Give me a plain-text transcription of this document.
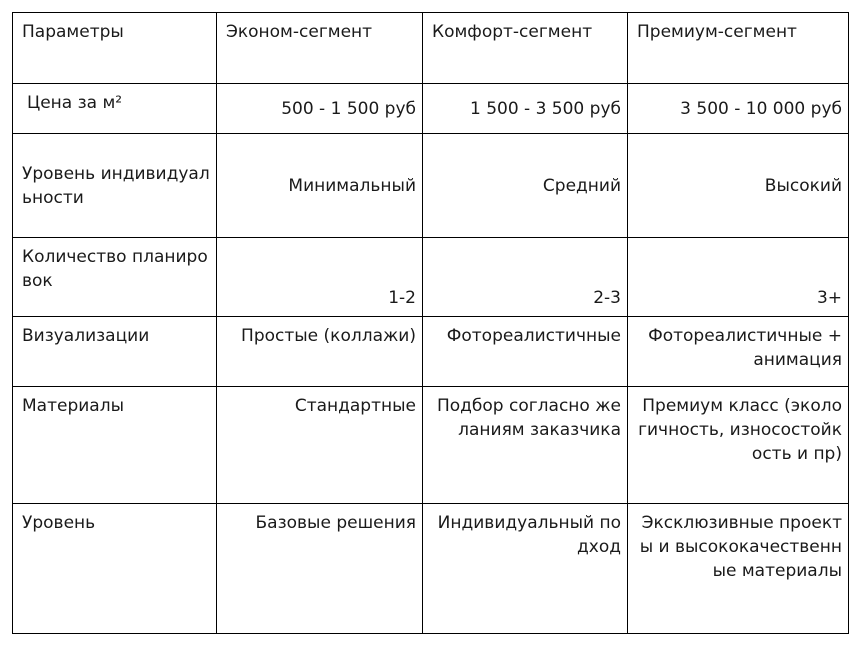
Параметры	Эконом-сегмент	Комфорт-сегмент	Премиум-сегмент
Цена за м²	500 - 1 500 руб	1 500 - 3 500 руб	3 500 - 10 000 руб
Уровень индивидуальности	Минимальный	Средний	Высокий
Количество планировок	1-2	2-3	3+
Визуализации	Простые (коллажи)	Фотореалистичные	Фотореалистичные + анимация
Материалы	Стандартные	Подбор согласно желаниям заказчика	Премиум класс (экологичность, износостойкость и пр)
Уровень	Базовые решения	Индивидуальный подход	Эксклюзивные проекты и высококачественные материалы
